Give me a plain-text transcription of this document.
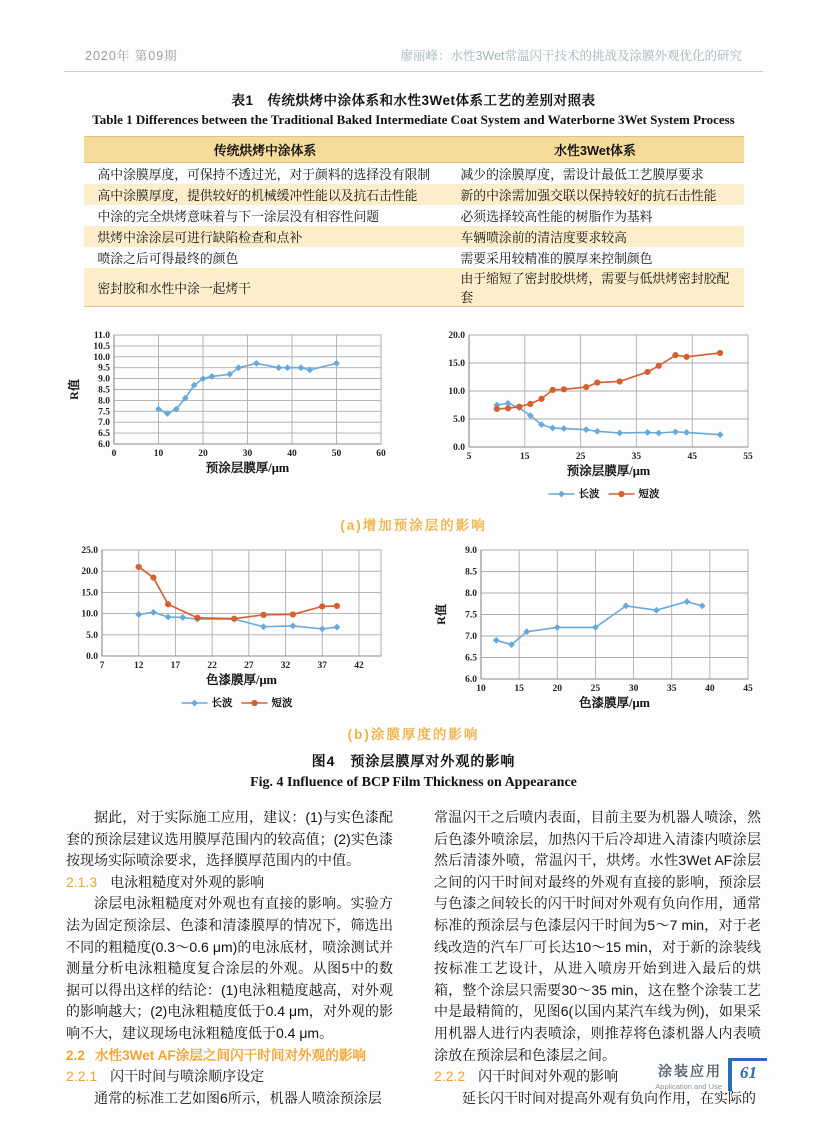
2020年 第09期	廖丽峰：水性3Wet常温闪干技术的挑战及涂膜外观优化的研究
表1　传统烘烤中涂体系和水性3Wet体系工艺的差别对照表
Table 1 Differences between the Traditional Baked Intermediate Coat System and Waterborne 3Wet System Process
传统烘烤中涂体系	水性3Wet体系
高中涂膜厚度，可保持不透过光，对于颜料的选择没有限制	减少的涂膜厚度，需设计最低工艺膜厚要求
高中涂膜厚度，提供较好的机械缓冲性能以及抗石击性能	新的中涂需加强交联以保持较好的抗石击性能
中涂的完全烘烤意味着与下一涂层没有相容性问题	必须选择较高性能的树脂作为基料
烘烤中涂涂层可进行缺陷检查和点补	车辆喷涂前的清洁度要求较高
喷涂之后可得最终的颜色	需要采用较精准的膜厚来控制颜色
密封胶和水性中涂一起烤干	由于缩短了密封胶烘烤，需要与低烘烤密封胶配套
6.0
6.5
7.0
7.5
8.0
8.5
9.0
9.5
10.0
10.5
11.0
0	10	20	30	40	50	60
预涂层膜厚/μm
R值
0.0
5.0
10.0
15.0
20.0
5	15	25	35	45	55
预涂层膜厚/μm
长波	短波
(a)增加预涂层的影响
0.0
5.0
10.0
15.0
20.0
25.0
7	12	17	22	27	32	37	42
色漆膜厚/μm
长波	短波
6.0
6.5
7.0
7.5
8.0
8.5
9.0
10	15	20	25	30	35	40	45
色漆膜厚/μm
R值
(b)涂膜厚度的影响
图4　预涂层膜厚对外观的影响
Fig. 4 Influence of BCP Film Thickness on Appearance

据此，对于实际施工应用，建议：(1)与实色漆配套的预涂层建议选用膜厚范围内的较高值；(2)实色漆按现场实际喷涂要求，选择膜厚范围内的中值。

2.1.3 电泳粗糙度对外观的影响

涂层电泳粗糙度对外观也有直接的影响。实验方法为固定预涂层、色漆和清漆膜厚的情况下，筛选出不同的粗糙度(0.3～0.6 μm)的电泳底材，喷涂测试并测量分析电泳粗糙度复合涂层的外观。从图5中的数据可以得出这样的结论：(1)电泳粗糙度越高，对外观的影响越大；(2)电泳粗糙度低于0.4 μm，对外观的影响不大，建议现场电泳粗糙度低于0.4 μm。

2.2 水性3Wet AF涂层之间闪干时间对外观的影响
2.2.1 闪干时间与喷涂顺序设定

通常的标准工艺如图6所示，机器人喷涂预涂层

常温闪干之后喷内表面，目前主要为机器人喷涂，然后色漆外喷涂层，加热闪干后冷却进入清漆内喷涂层然后清漆外喷，常温闪干，烘烤。水性3Wet AF涂层之间的闪干时间对最终的外观有直接的影响，预涂层与色漆之间较长的闪干时间对外观有负向作用，通常标准的预涂层与色漆层闪干时间为5～7 min，对于老线改造的汽车厂可长达10～15 min，对于新的涂装线按标准工艺设计，从进入喷房开始到进入最后的烘箱，整个涂层只需要30～35 min，这在整个涂装工艺中是最精简的，见图6(以国内某汽车线为例)，如果采用机器人进行内表喷涂，则推荐将色漆机器人内表喷涂放在预涂层和色漆层之间。

2.2.2 闪干时间对外观的影响

延长闪干时间对提高外观有负向作用，在实际的

涂装应用
Application and Use
61
